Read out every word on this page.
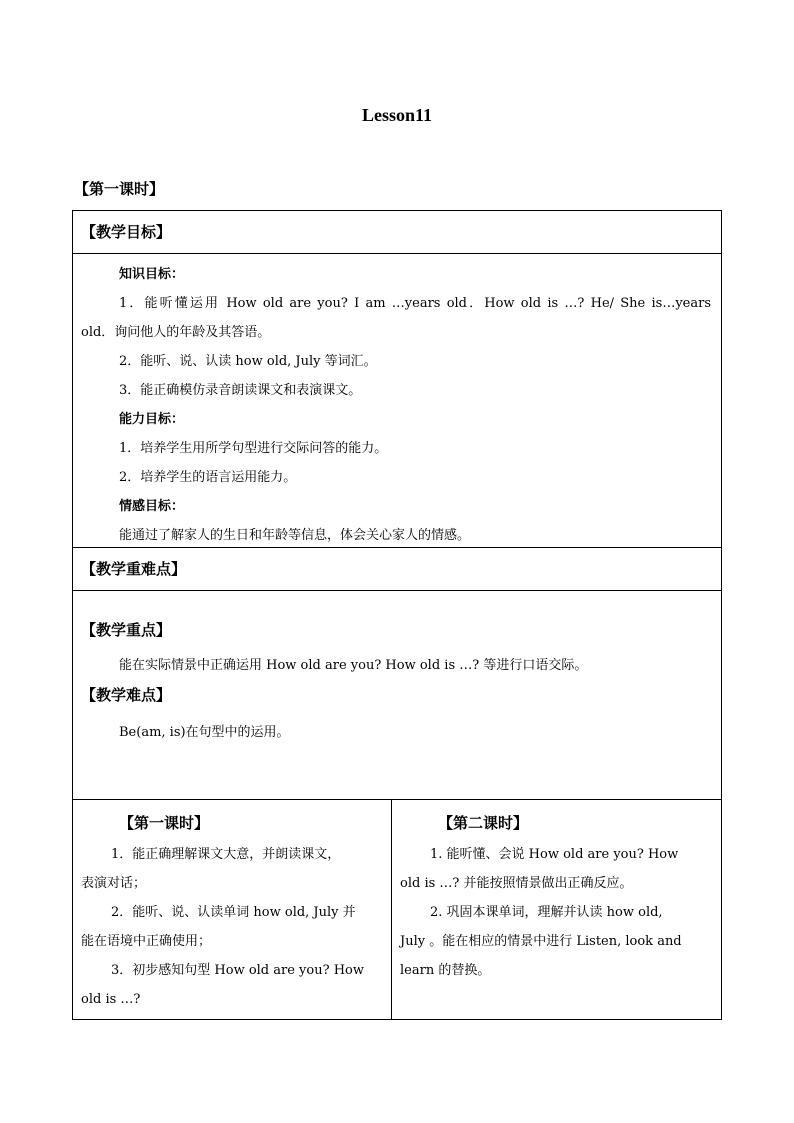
Lesson11
【第一课时】
【教学目标】
知识目标：
1．能听懂运用 How old are you? I am …years old．How old is …? He/ She is…years
old．询问他人的年龄及其答语。
2．能听、说、认读 how old, July 等词汇。
3．能正确模仿录音朗读课文和表演课文。
能力目标：
1．培养学生用所学句型进行交际问答的能力。
2．培养学生的语言运用能力。
情感目标：
能通过了解家人的生日和年龄等信息，体会关心家人的情感。
【教学重难点】
【教学重点】
能在实际情景中正确运用 How old are you? How old is …? 等进行口语交际。
【教学难点】
Be(am, is)在句型中的运用。
【第一课时】
1．能正确理解课文大意，并朗读课文，
表演对话；
2．能听、说、认读单词 how old, July 并
能在语境中正确使用；
3．初步感知句型 How old are you? How
old is …?
【第二课时】
1. 能听懂、会说 How old are you? How
old is …? 并能按照情景做出正确反应。
2. 巩固本课单词，理解并认读 how old,
July 。能在相应的情景中进行 Listen, look and
learn 的替换。
